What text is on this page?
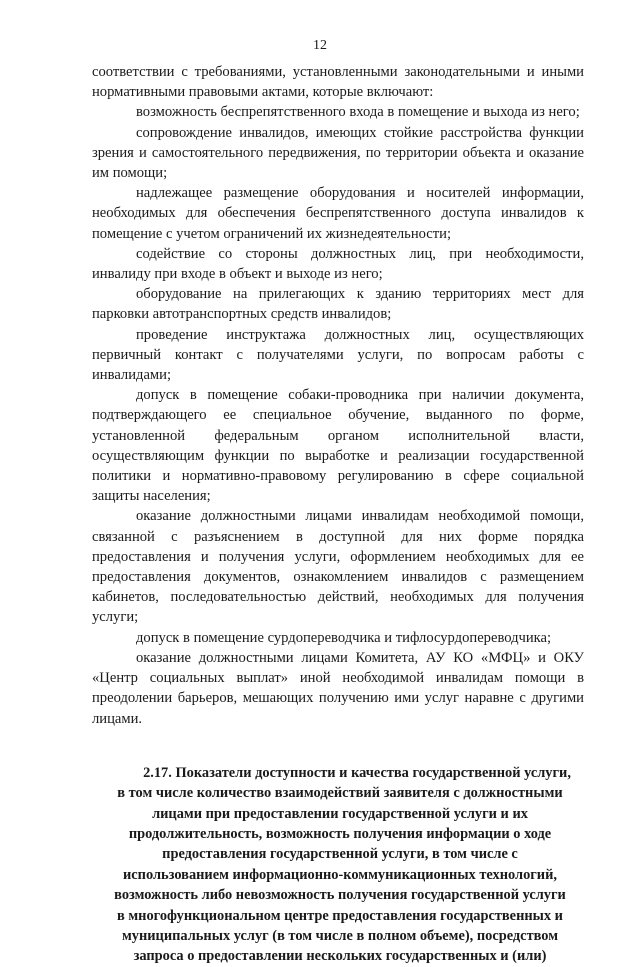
12

соответствии с требованиями, установленными законодательными и иными нормативными правовыми актами, которые включают:

возможность беспрепятственного входа в помещение и выхода из него;

сопровождение инвалидов, имеющих стойкие расстройства функции зрения и самостоятельного передвижения, по территории объекта и оказание им помощи;

надлежащее размещение оборудования и носителей информации, необходимых для обеспечения беспрепятственного доступа инвалидов к помещение с учетом ограничений их жизнедеятельности;

содействие со стороны должностных лиц, при необходимости, инвалиду при входе в объект и выходе из него;

оборудование на прилегающих к зданию территориях мест для парковки автотранспортных средств инвалидов;

проведение инструктажа должностных лиц, осуществляющих первичный контакт с получателями услуги, по вопросам работы с инвалидами;

допуск в помещение собаки-проводника при наличии документа, подтверждающего ее специальное обучение, выданного по форме, установленной федеральным органом исполнительной власти, осуществляющим функции по выработке и реализации государственной политики и нормативно-правовому регулированию в сфере социальной защиты населения;

оказание должностными лицами инвалидам необходимой помощи, связанной с разъяснением в доступной для них форме порядка предоставления и получения услуги, оформлением необходимых для ее предоставления документов, ознакомлением инвалидов с размещением кабинетов, последовательностью действий, необходимых для получения услуги;

допуск в помещение сурдопереводчика и тифлосурдопереводчика;

оказание должностными лицами Комитета, АУ КО «МФЦ» и ОКУ «Центр социальных выплат» иной необходимой инвалидам помощи в преодолении барьеров, мешающих получению ими услуг наравне с другими лицами.

2.17. Показатели доступности и качества государственной услуги,
в том числе количество взаимодействий заявителя с должностными
лицами при предоставлении государственной услуги и их
продолжительность, возможность получения информации о ходе
предоставления государственной услуги, в том числе с
использованием информационно-коммуникационных технологий,
возможность либо невозможность получения государственной услуги
в многофункциональном центре предоставления государственных и
муниципальных услуг (в том числе в полном объеме), посредством
запроса о предоставлении нескольких государственных и (или)
